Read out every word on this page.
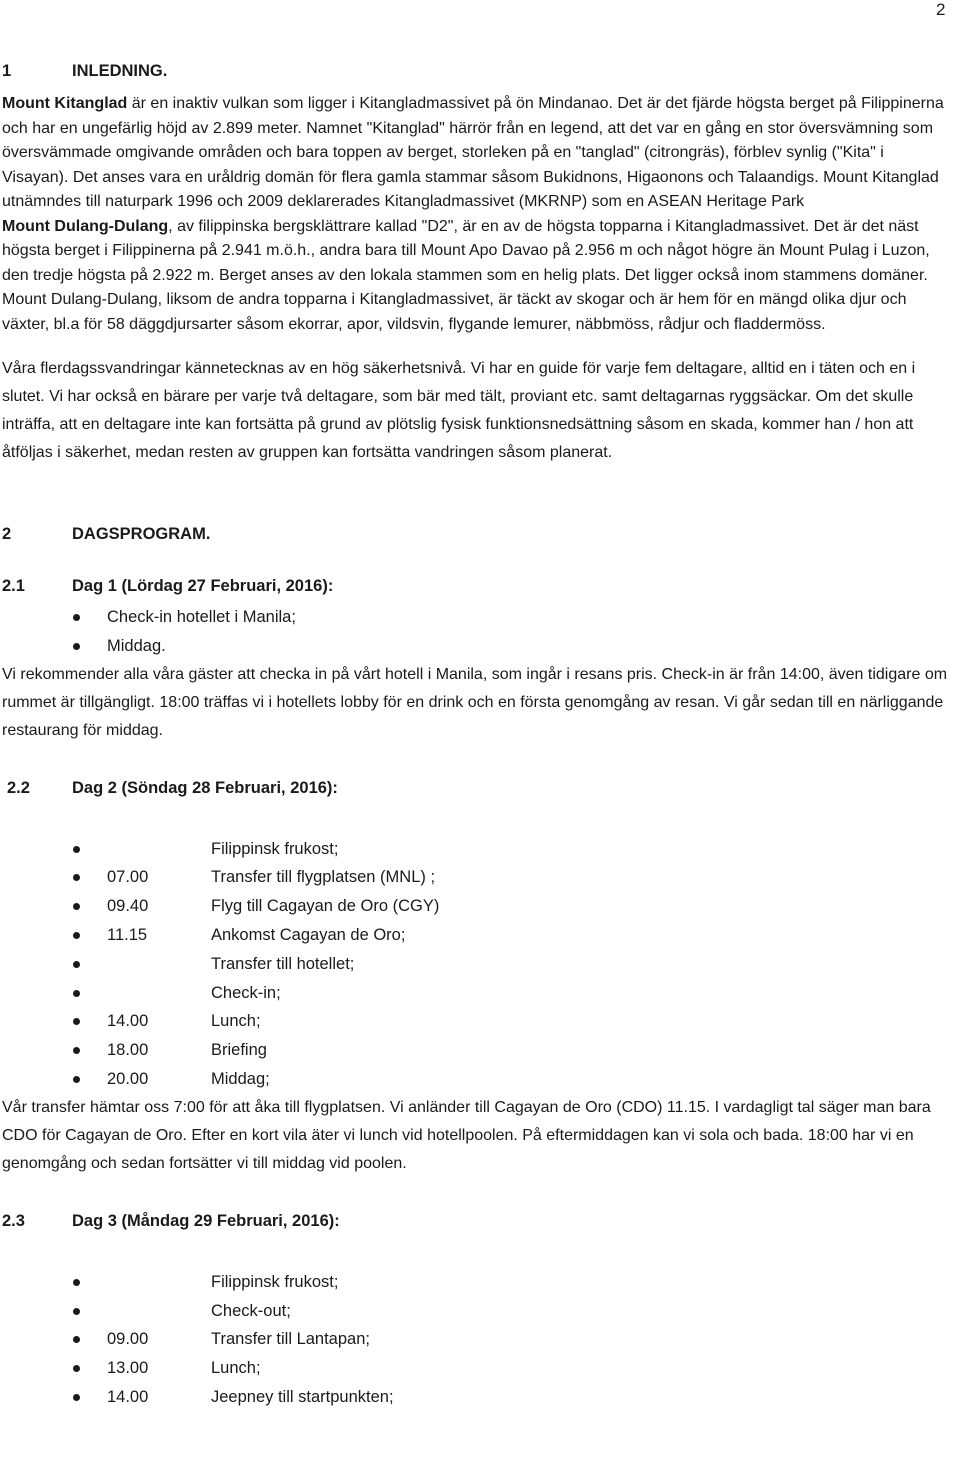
2
1	INLEDNING.

Mount Kitanglad är en inaktiv vulkan som ligger i Kitangladmassivet på ön Mindanao. Det är det fjärde högsta berget på Filippinerna och har en ungefärlig höjd av 2.899 meter. Namnet "Kitanglad" härrör från en legend, att det var en gång en stor översvämning som översvämmade omgivande områden och bara toppen av berget, storleken på en "tanglad" (citrongräs), förblev synlig ("Kita" i Visayan). Det anses vara en uråldrig domän för flera gamla stammar såsom Bukidnons, Higaonons och Talaandigs. Mount Kitanglad utnämndes till naturpark 1996 och 2009 deklarerades Kitangladmassivet (MKRNP) som en ASEAN Heritage Park

Mount Dulang-Dulang, av filippinska bergsklättrare kallad "D2", är en av de högsta topparna i Kitangladmassivet. Det är det näst högsta berget i Filippinerna på 2.941 m.ö.h., andra bara till Mount Apo Davao på 2.956 m och något högre än Mount Pulag i Luzon, den tredje högsta på 2.922 m. Berget anses av den lokala stammen som en helig plats. Det ligger också inom stammens domäner. Mount Dulang-Dulang, liksom de andra topparna i Kitangladmassivet, är täckt av skogar och är hem för en mängd olika djur och växter, bl.a för 58 däggdjursarter såsom ekorrar, apor, vildsvin, flygande lemurer, näbbmöss, rådjur och fladdermöss.

Våra flerdagssvandringar kännetecknas av en hög säkerhetsnivå. Vi har en guide för varje fem deltagare, alltid en i täten och en i slutet. Vi har också en bärare per varje två deltagare, som bär med tält, proviant etc. samt deltagarnas ryggsäckar. Om det skulle inträffa, att en deltagare inte kan fortsätta på grund av plötslig fysisk funktionsnedsättning såsom en skada, kommer han / hon att åtföljas i säkerhet, medan resten av gruppen kan fortsätta vandringen såsom planerat.

2	DAGSPROGRAM.
2.1	Dag 1 (Lördag 27 Februari, 2016):
Check-in hotellet i Manila;
Middag.

Vi rekommender alla våra gäster att checka in på vårt hotell i Manila, som ingår i resans pris. Check-in är från 14:00, även tidigare om rummet är tillgängligt. 18:00 träffas vi i hotellets lobby för en drink och en första genomgång av resan. Vi går sedan till en närliggande restaurang för middag.

2.2	Dag 2 (Söndag 28 Februari, 2016):
Filippinsk frukost;
07.00	Transfer till flygplatsen (MNL) ;
09.40	Flyg till Cagayan de Oro (CGY)
11.15	Ankomst Cagayan de Oro;
Transfer till hotellet;
Check-in;
14.00	Lunch;
18.00	Briefing
20.00	Middag;

Vår transfer hämtar oss 7:00 för att åka till flygplatsen. Vi anländer till Cagayan de Oro (CDO) 11.15. I vardagligt tal säger man bara CDO för Cagayan de Oro. Efter en kort vila äter vi lunch vid hotellpoolen. På eftermiddagen kan vi sola och bada. 18:00 har vi en genomgång och sedan fortsätter vi till middag vid poolen.

2.3	Dag 3 (Måndag 29 Februari, 2016):
Filippinsk frukost;
Check-out;
09.00	Transfer till Lantapan;
13.00	Lunch;
14.00	Jeepney till startpunkten;
